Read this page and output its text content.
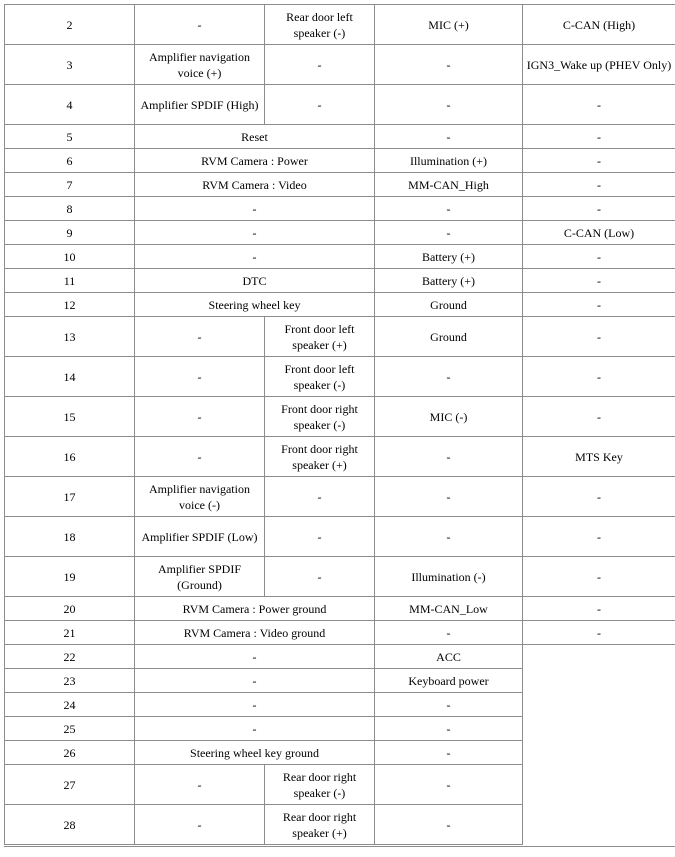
2	-	Rear door left speaker (-)	MIC (+)	C-CAN (High)
3	Amplifier navigation voice (+)	-	-	IGN3_Wake up (PHEV Only)
4	Amplifier SPDIF (High)	-	-	-
5	Reset		-	-
6	RVM Camera : Power		Illumination (+)	-
7	RVM Camera : Video		MM-CAN_High	-
8	-		-	-
9	-		-	C-CAN (Low)
10	-		Battery (+)	-
11	DTC		Battery (+)	-
12	Steering wheel key		Ground	-
13	-	Front door left speaker (+)	Ground	-
14	-	Front door left speaker (-)	-	-
15	-	Front door right speaker (-)	MIC (-)	-
16	-	Front door right speaker (+)	-	MTS Key
17	Amplifier navigation voice (-)	-	-	-
18	Amplifier SPDIF (Low)	-	-	-
19	Amplifier SPDIF (Ground)	-	Illumination (-)	-
20	RVM Camera : Power ground		MM-CAN_Low	-
21	RVM Camera : Video ground		-	-
22	-		ACC	
23	-		Keyboard power	
24	-		-	
25	-		-	
26	Steering wheel key ground		-	
27	-	Rear door right speaker (-)	-	
28	-	Rear door right speaker (+)	-	
